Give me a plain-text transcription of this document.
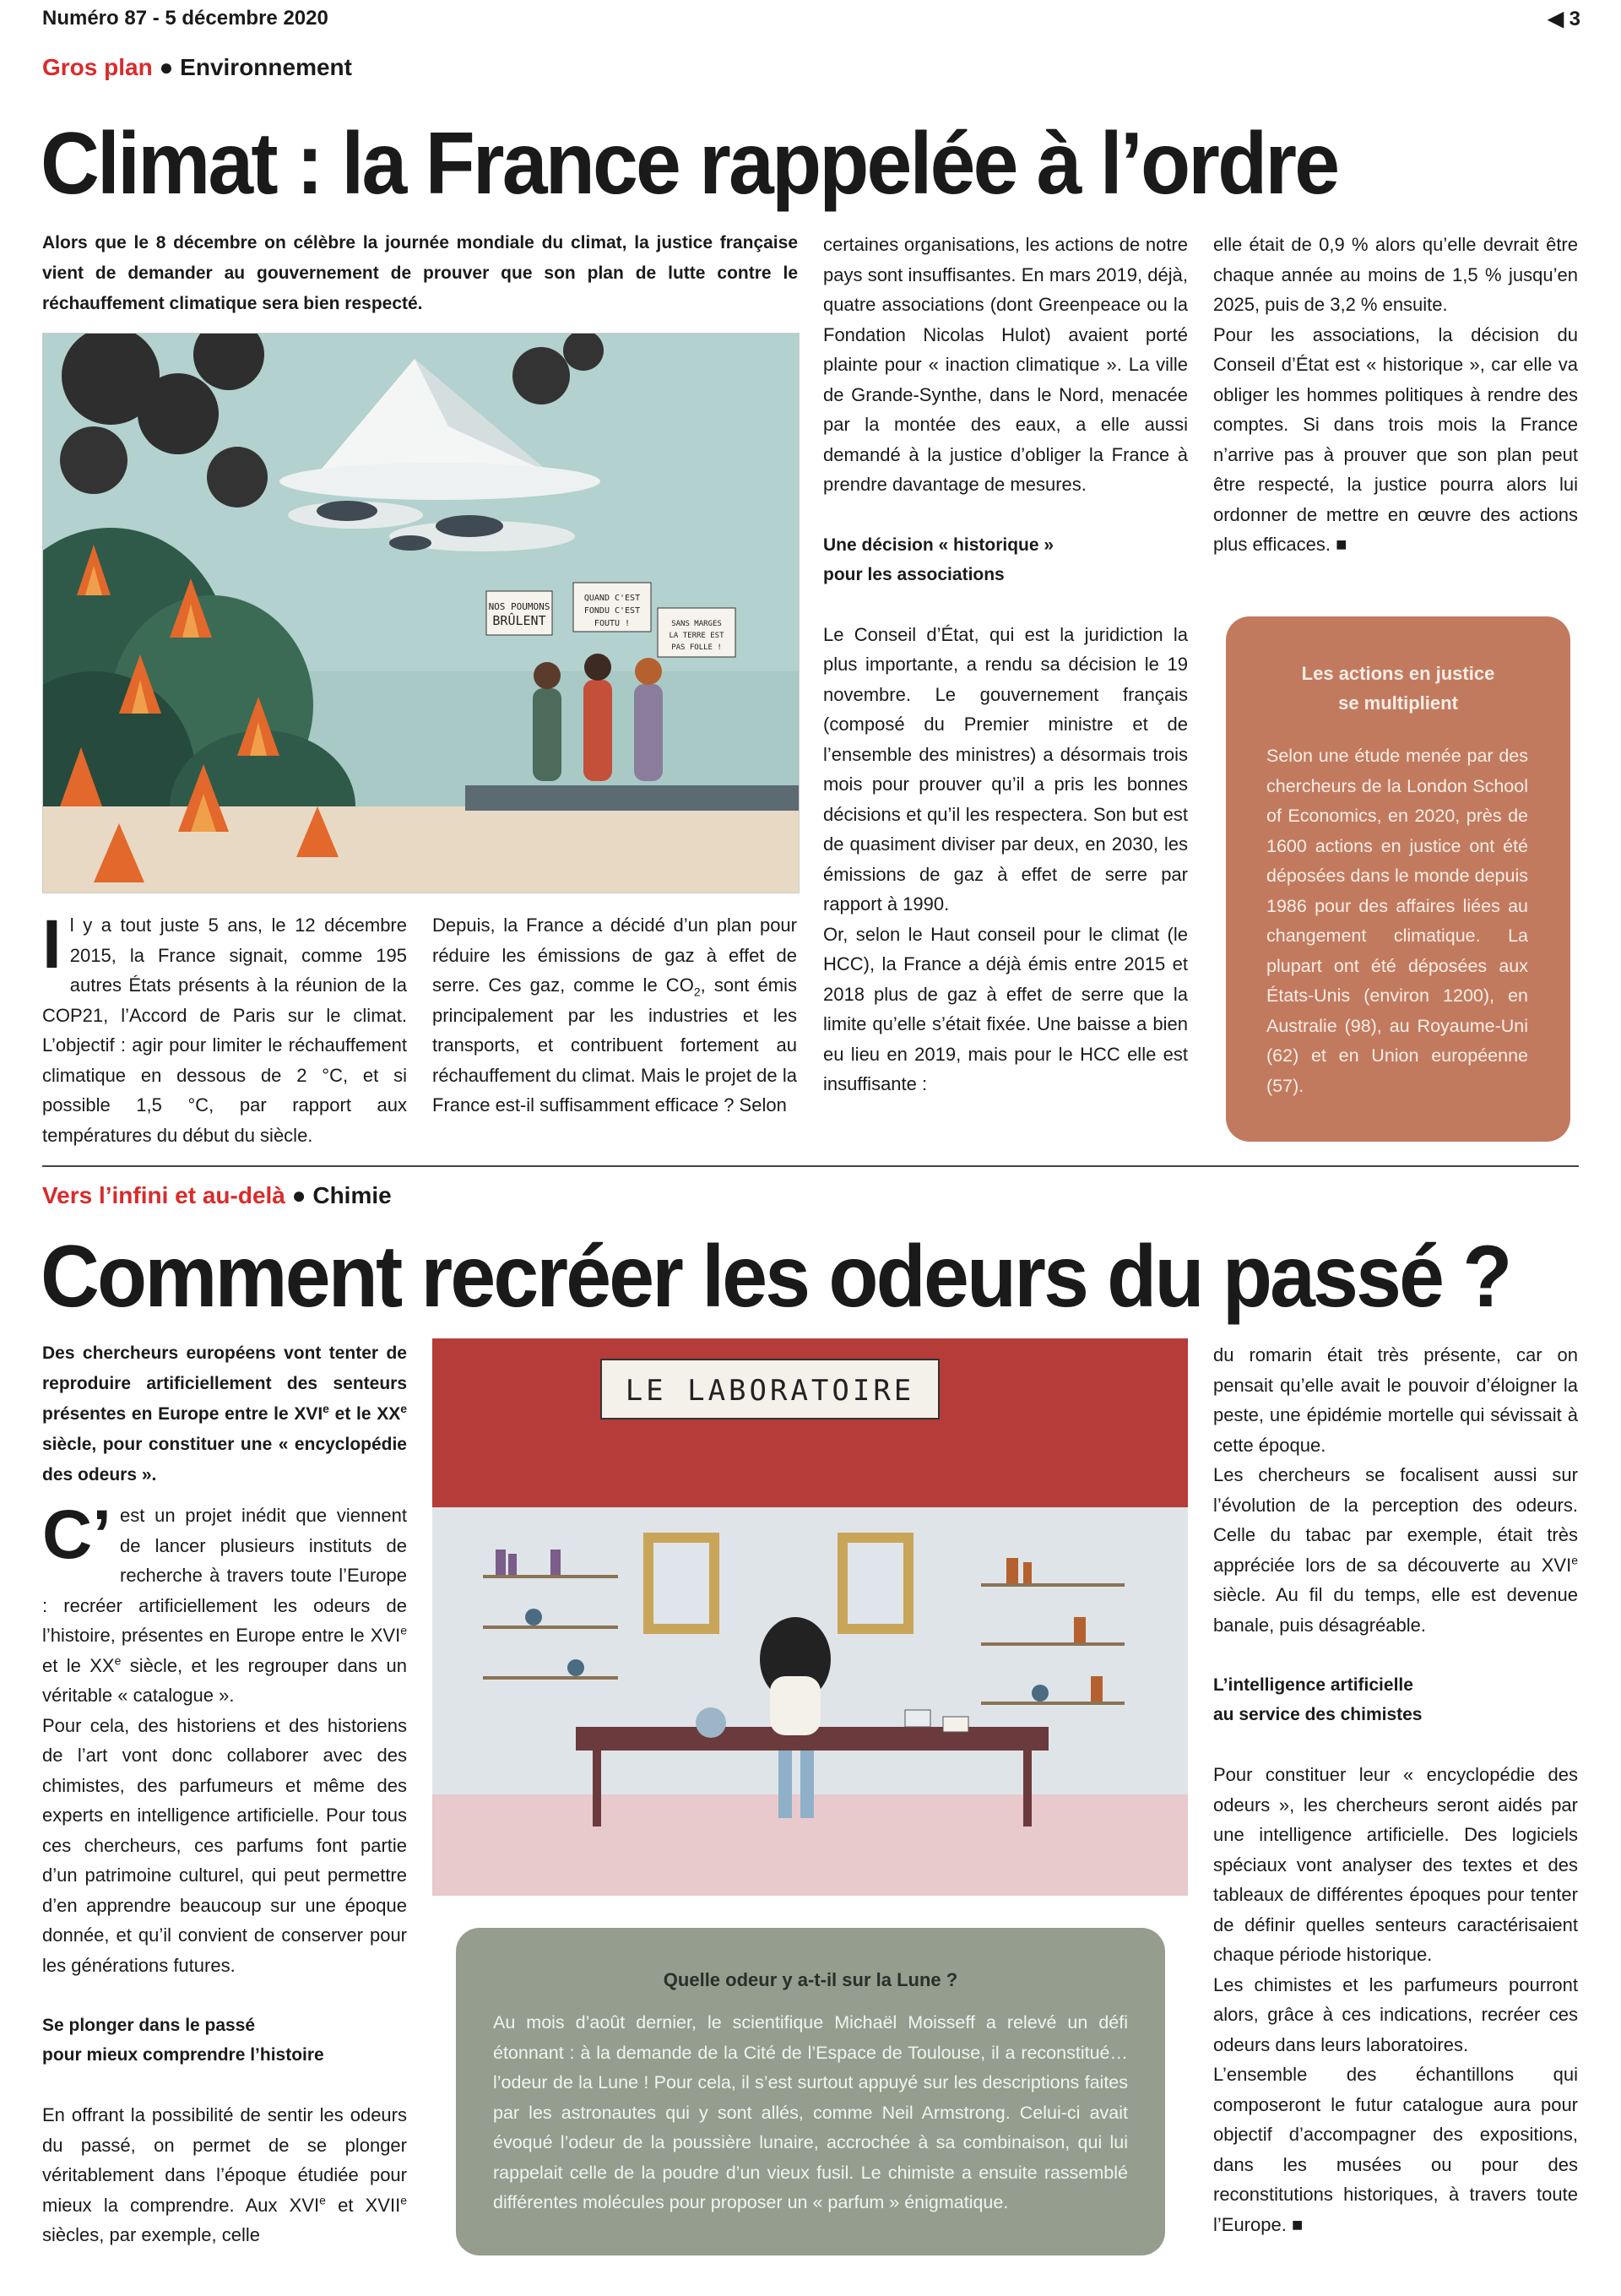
Numéro 87 - 5 décembre 2020	◀ 3
Gros plan ● Environnement
Climat : la France rappelée à l’ordre
Alors que le 8 décembre on célèbre la journée mondiale du climat, la justice française vient de demander au gouvernement de prouver que son plan de lutte contre le réchauffement climatique sera bien respecté.
NOS POUMONS
BRÛLENT
QUAND C'EST
FONDU C'EST
FOUTU !	SANS MARGES
LA TERRE EST
PAS FOLLE !
I l y a tout juste 5 ans, le 12 décembre 2015, la France signait, comme 195 autres États présents à la réunion de la COP21, l’Accord de Paris sur le climat. L’objectif : agir pour limiter le réchauffement climatique en dessous de 2 °C, et si possible 1,5 °C, par rapport aux températures du début du siècle.
Depuis, la France a décidé d’un plan pour réduire les émissions de gaz à effet de serre. Ces gaz, comme le $CO_2$, sont émis principalement par les industries et les transports, et contribuent fortement au réchauffement du climat. Mais le projet de la France est-il suffisamment efficace ? Selon

certaines organisations, les actions de notre pays sont insuffisantes. En mars 2019, déjà, quatre associations (dont Greenpeace ou la Fondation Nicolas Hulot) avaient porté plainte pour « inaction climatique ». La ville de Grande-Synthe, dans le Nord, menacée par la montée des eaux, a elle aussi demandé à la justice d’obliger la France à prendre davantage de mesures.

Une décision « historique »
pour les associations

Le Conseil d’État, qui est la juridiction la plus importante, a rendu sa décision le 19 novembre. Le gouvernement français (composé du Premier ministre et de l’ensemble des ministres) a désormais trois mois pour prouver qu’il a pris les bonnes décisions et qu’il les respectera. Son but est de quasiment diviser par deux, en 2030, les émissions de gaz à effet de serre par rapport à 1990.

Or, selon le Haut conseil pour le climat (le HCC), la France a déjà émis entre 2015 et 2018 plus de gaz à effet de serre que la limite qu’elle s’était fixée. Une baisse a bien eu lieu en 2019, mais pour le HCC elle est insuffisante :

elle était de 0,9 % alors qu’elle devrait être chaque année au moins de 1,5 % jusqu’en 2025, puis de 3,2 % ensuite.

Pour les associations, la décision du Conseil d’État est « historique », car elle va obliger les hommes politiques à rendre des comptes. Si dans trois mois la France n’arrive pas à prouver que son plan peut être respecté, la justice pourra alors lui ordonner de mettre en œuvre des actions plus efficaces. ■

Les actions en justice
se multiplient
Selon une étude menée par des chercheurs de la London School of Economics, en 2020, près de 1600 actions en justice ont été déposées dans le monde depuis 1986 pour des affaires liées au changement climatique. La plupart ont été déposées aux États-Unis (environ 1200), en Australie (98), au Royaume-Uni (62) et en Union européenne (57).
Vers l’infini et au-delà ● Chimie
Comment recréer les odeurs du passé ?
Des chercheurs européens vont tenter de reproduire artificiellement des senteurs présentes en Europe entre le XVIe et le XXe siècle, pour constituer une « encyclopédie des odeurs ».
LE LABORATOIRE

C’ est un projet inédit que viennent de lancer plusieurs instituts de recherche à travers toute l’Europe : recréer artificiellement les odeurs de l’histoire, présentes en Europe entre le XVIe et le XXe siècle, et les regrouper dans un véritable « catalogue ».

Pour cela, des historiens et des historiens de l’art vont donc collaborer avec des chimistes, des parfumeurs et même des experts en intelligence artificielle. Pour tous ces chercheurs, ces parfums font partie d’un patrimoine culturel, qui peut permettre d’en apprendre beaucoup sur une époque donnée, et qu’il convient de conserver pour les générations futures.

Se plonger dans le passé
pour mieux comprendre l’histoire

En offrant la possibilité de sentir les odeurs du passé, on permet de se plonger véritablement dans l’époque étudiée pour mieux la comprendre. Aux XVIe et XVIIe siècles, par exemple, celle

du romarin était très présente, car on pensait qu’elle avait le pouvoir d’éloigner la peste, une épidémie mortelle qui sévissait à cette époque.

Les chercheurs se focalisent aussi sur l’évolution de la perception des odeurs. Celle du tabac par exemple, était très appréciée lors de sa découverte au XVIe siècle. Au fil du temps, elle est devenue banale, puis désagréable.

L’intelligence artificielle
au service des chimistes

Pour constituer leur « encyclopédie des odeurs », les chercheurs seront aidés par une intelligence artificielle. Des logiciels spéciaux vont analyser des textes et des tableaux de différentes époques pour tenter de définir quelles senteurs caractérisaient chaque période historique.

Les chimistes et les parfumeurs pourront alors, grâce à ces indications, recréer ces odeurs dans leurs laboratoires.

L’ensemble des échantillons qui composeront le futur catalogue aura pour objectif d’accompagner des expositions, dans les musées ou pour des reconstitutions historiques, à travers toute l’Europe. ■

Quelle odeur y a-t-il sur la Lune ?
Au mois d’août dernier, le scientifique Michaël Moisseff a relevé un défi étonnant : à la demande de la Cité de l’Espace de Toulouse, il a reconstitué… l’odeur de la Lune ! Pour cela, il s’est surtout appuyé sur les descriptions faites par les astronautes qui y sont allés, comme Neil Armstrong. Celui-ci avait évoqué l’odeur de la poussière lunaire, accrochée à sa combinaison, qui lui rappelait celle de la poudre d’un vieux fusil. Le chimiste a ensuite rassemblé différentes molécules pour proposer un « parfum » énigmatique.
